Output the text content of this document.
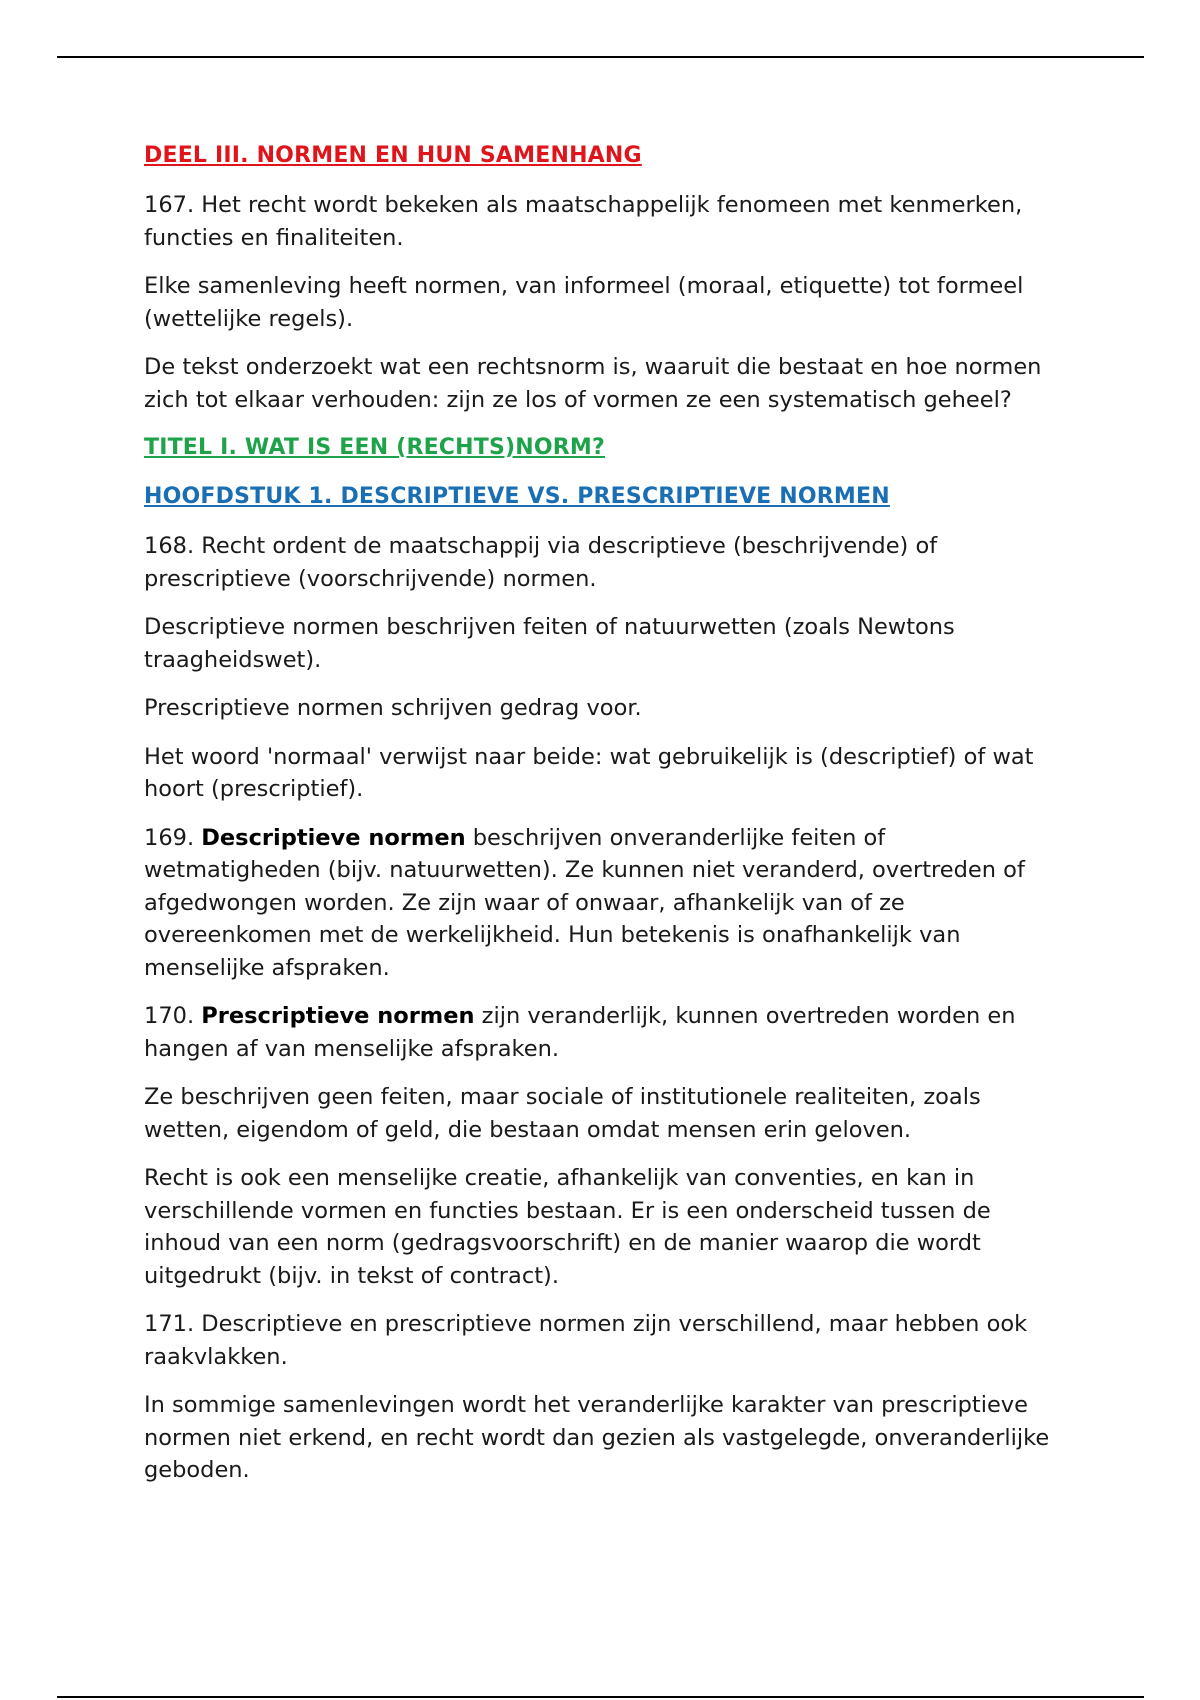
DEEL III. NORMEN EN HUN SAMENHANG

167. Het recht wordt bekeken als maatschappelijk fenomeen met kenmerken, functies en finaliteiten.

Elke samenleving heeft normen, van informeel (moraal, etiquette) tot formeel (wettelijke regels).

De tekst onderzoekt wat een rechtsnorm is, waaruit die bestaat en hoe normen zich tot elkaar verhouden: zijn ze los of vormen ze een systematisch geheel?

TITEL I. WAT IS EEN (RECHTS)NORM?
HOOFDSTUK 1. DESCRIPTIEVE VS. PRESCRIPTIEVE NORMEN

168. Recht ordent de maatschappij via descriptieve (beschrijvende) of prescriptieve (voorschrijvende) normen.

Descriptieve normen beschrijven feiten of natuurwetten (zoals Newtons traagheidswet).

Prescriptieve normen schrijven gedrag voor.

Het woord 'normaal' verwijst naar beide: wat gebruikelijk is (descriptief) of wat hoort (prescriptief).

169. Descriptieve normen beschrijven onveranderlijke feiten of wetmatigheden (bijv. natuurwetten). Ze kunnen niet veranderd, overtreden of afgedwongen worden. Ze zijn waar of onwaar, afhankelijk van of ze overeenkomen met de werkelijkheid. Hun betekenis is onafhankelijk van menselijke afspraken.

170. Prescriptieve normen zijn veranderlijk, kunnen overtreden worden en hangen af van menselijke afspraken.

Ze beschrijven geen feiten, maar sociale of institutionele realiteiten, zoals wetten, eigendom of geld, die bestaan omdat mensen erin geloven.

Recht is ook een menselijke creatie, afhankelijk van conventies, en kan in verschillende vormen en functies bestaan. Er is een onderscheid tussen de inhoud van een norm (gedragsvoorschrift) en de manier waarop die wordt uitgedrukt (bijv. in tekst of contract).

171. Descriptieve en prescriptieve normen zijn verschillend, maar hebben ook raakvlakken.

In sommige samenlevingen wordt het veranderlijke karakter van prescriptieve normen niet erkend, en recht wordt dan gezien als vastgelegde, onveranderlijke geboden.
